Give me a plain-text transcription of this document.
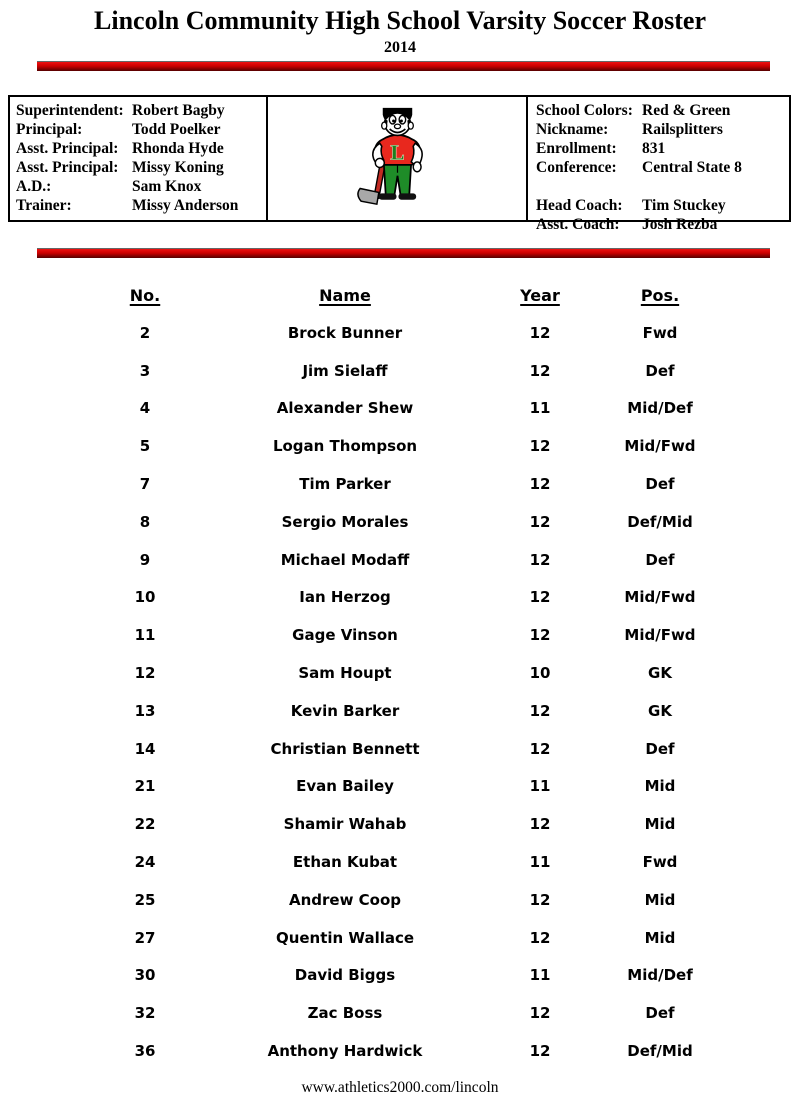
Lincoln Community High School Varsity Soccer Roster
2014
Superintendent: Robert Bagby
Principal:	Todd Poelker
Asst. Principal: Rhonda Hyde
Asst. Principal: Missy Koning
A.D.:	Sam Knox
Trainer:	Missy Anderson
L
School Colors: Red & Green
Nickname:	Railsplitters
Enrollment:	831
Conference:	Central State 8
Head Coach:	Tim Stuckey
Asst. Coach:	Josh Rezba
No.	Name	Year	Pos.
2	Brock Bunner	12	Fwd
3	Jim Sielaff	12	Def
4	Alexander Shew	11	Mid/Def
5	Logan Thompson	12	Mid/Fwd
7	Tim Parker	12	Def
8	Sergio Morales	12	Def/Mid
9	Michael Modaff	12	Def
10	Ian Herzog	12	Mid/Fwd
11	Gage Vinson	12	Mid/Fwd
12	Sam Houpt	10	GK
13	Kevin Barker	12	GK
14	Christian Bennett	12	Def
21	Evan Bailey	11	Mid
22	Shamir Wahab	12	Mid
24	Ethan Kubat	11	Fwd
25	Andrew Coop	12	Mid
27	Quentin Wallace	12	Mid
30	David Biggs	11	Mid/Def
32	Zac Boss	12	Def
36	Anthony Hardwick	12	Def/Mid
www.athletics2000.com/lincoln
